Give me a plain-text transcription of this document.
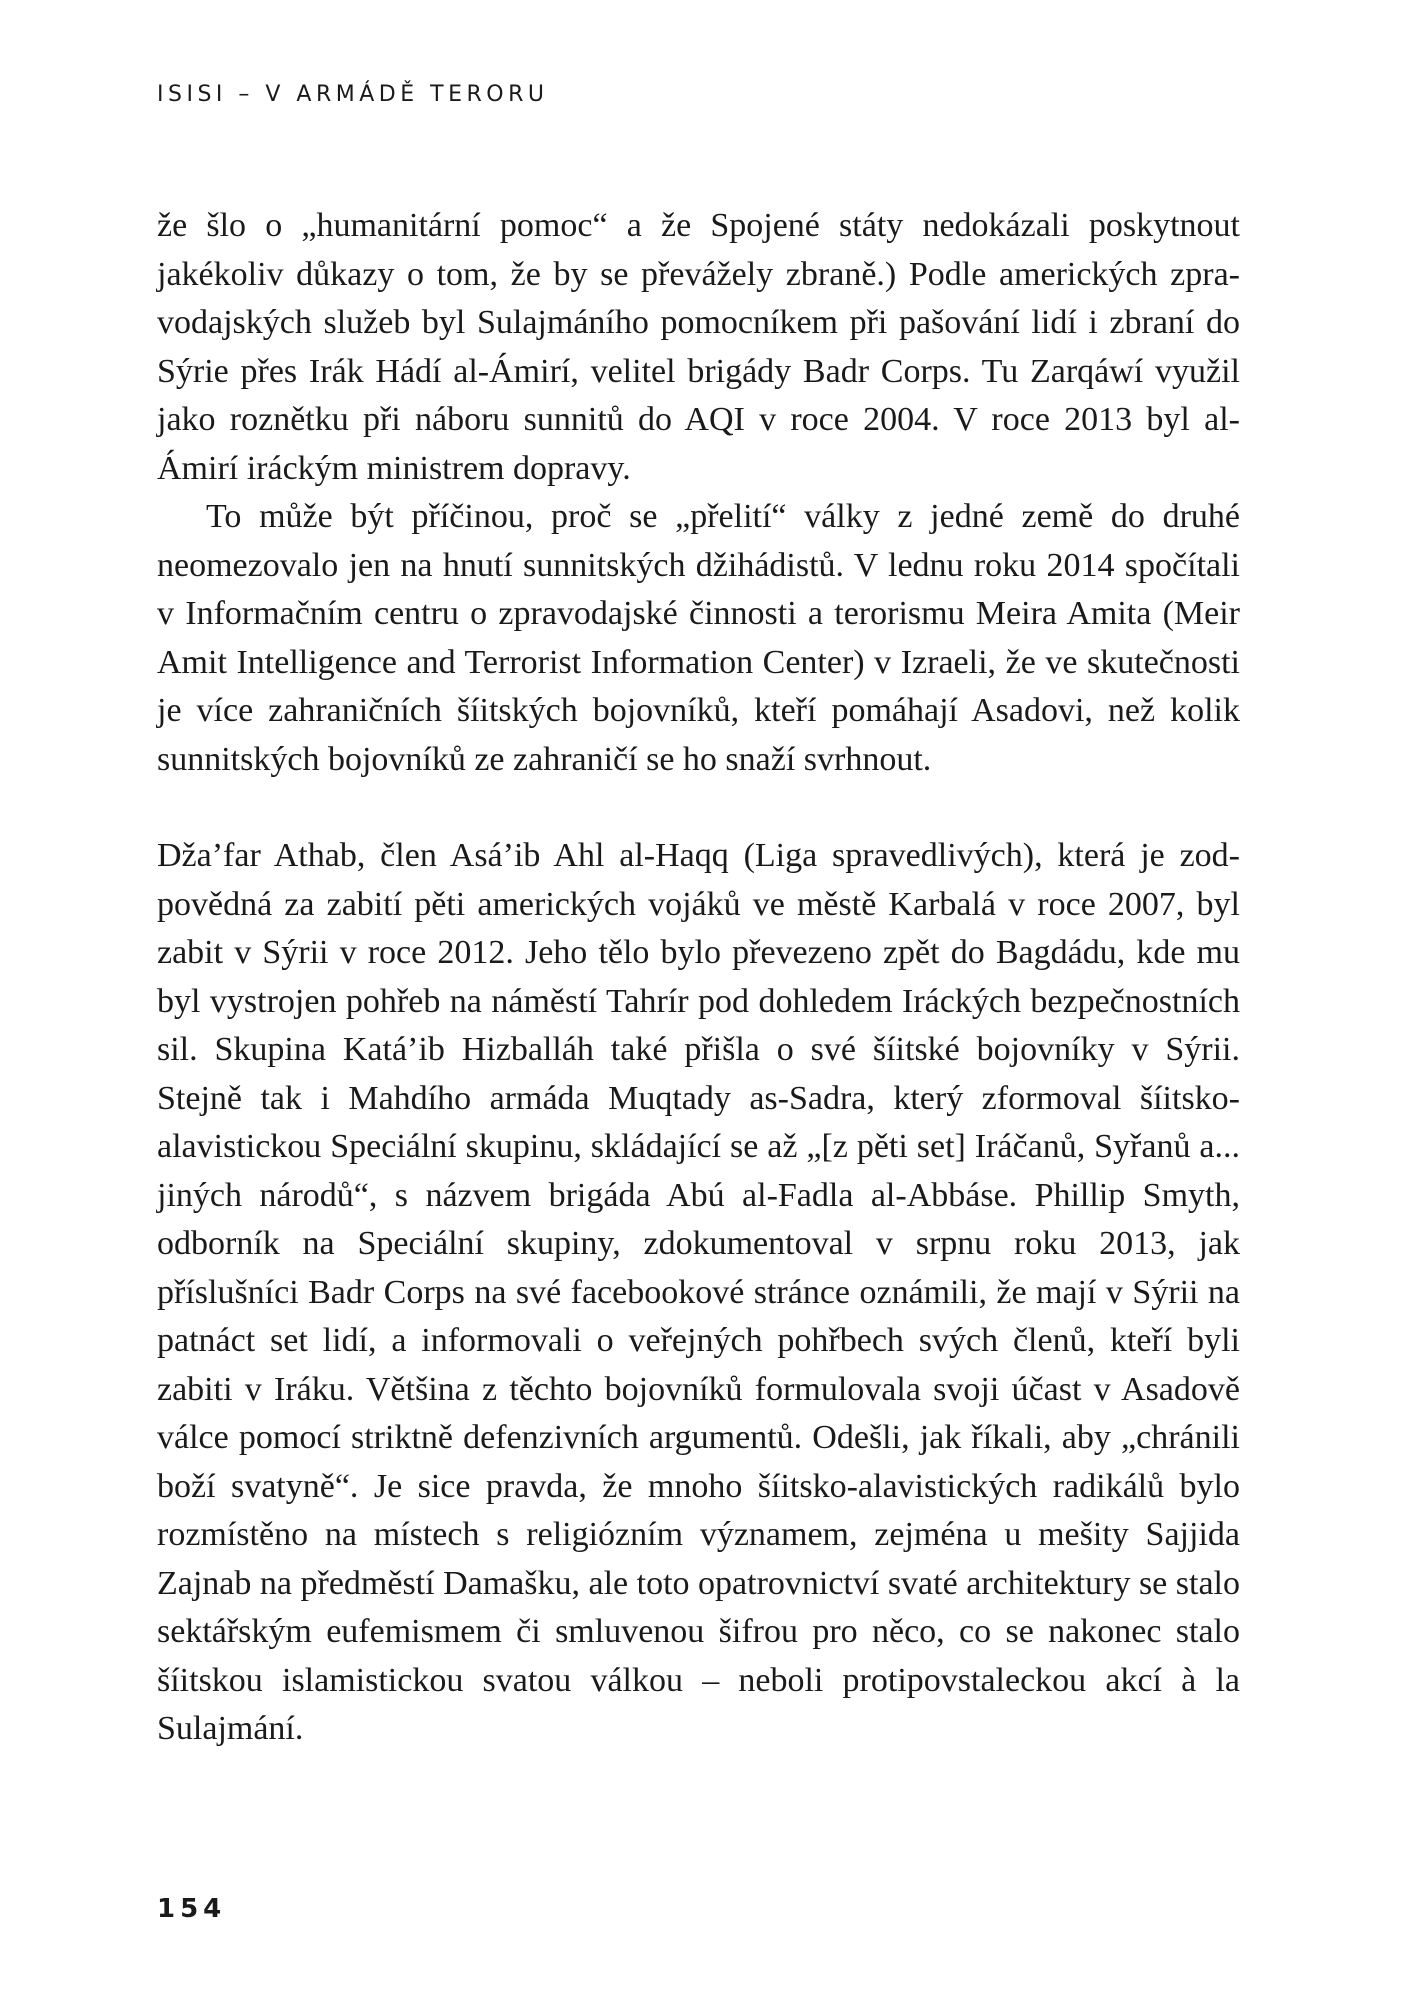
ISISI – V ARMÁDĚ TERORU

že šlo o „humanitární pomoc“ a že Spojené státy nedokázali poskytnout jakékoliv důkazy o tom, že by se převážely zbraně.) Podle amerických zpravodajských služeb byl Sulajmáního pomocníkem při pašování lidí i zbraní do Sýrie přes Irák Hádí al-Ámirí, velitel brigády Badr Corps. Tu Zarqáwí využil jako roznětku při náboru sunnitů do AQI v roce 2004. V roce 2013 byl al-Ámirí iráckým ministrem dopravy.

To může být příčinou, proč se „přelití“ války z jedné země do druhé neomezovalo jen na hnutí sunnitských džihádistů. V lednu roku 2014 spočítali v Informačním centru o zpravodajské činnosti a terorismu Meira Amita (Meir Amit Intelligence and Terrorist Information Center) v Izraeli, že ve skutečnosti je více zahraničních šíitských bojovníků, kteří pomáhají Asadovi, než kolik sunnitských bojovníků ze zahraničí se ho snaží svrhnout.

Dža’far Athab, člen Asá’ib Ahl al-Haqq (Liga spravedlivých), která je zodpovědná za zabití pěti amerických vojáků ve městě Karbalá v roce 2007, byl zabit v Sýrii v roce 2012. Jeho tělo bylo převezeno zpět do Bagdádu, kde mu byl vystrojen pohřeb na náměstí Tahrír pod dohledem Iráckých bezpečnostních sil. Skupina Katá’ib Hizballáh také přišla o své šíitské bojovníky v Sýrii. Stejně tak i Mahdího armáda Muqtady as-Sadra, který zformoval šíitsko-alavistickou Speciální skupinu, skládající se až „[z pěti set] Iráčanů, Syřanů a... jiných národů“, s názvem brigáda Abú al-Fadla al-Abbáse. Phillip Smyth, odborník na Speciální skupiny, zdokumentoval v srpnu roku 2013, jak příslušníci Badr Corps na své facebookové stránce oznámili, že mají v Sýrii na patnáct set lidí, a informovali o veřejných pohřbech svých členů, kteří byli zabiti v Iráku. Většina z těchto bojovníků formulovala svoji účast v Asadově válce pomocí striktně defenzivních argumentů. Odešli, jak říkali, aby „chránili boží svatyně“. Je sice pravda, že mnoho šíitsko-alavistických radikálů bylo rozmístěno na místech s religiózním významem, zejména u mešity Sajjida Zajnab na předměstí Damašku, ale toto opatrovnictví svaté architektury se stalo sektářským eufemismem či smluvenou šifrou pro něco, co se nakonec stalo šíitskou islamistickou svatou válkou – neboli protipovstaleckou akcí à la Sulajmání.

154
